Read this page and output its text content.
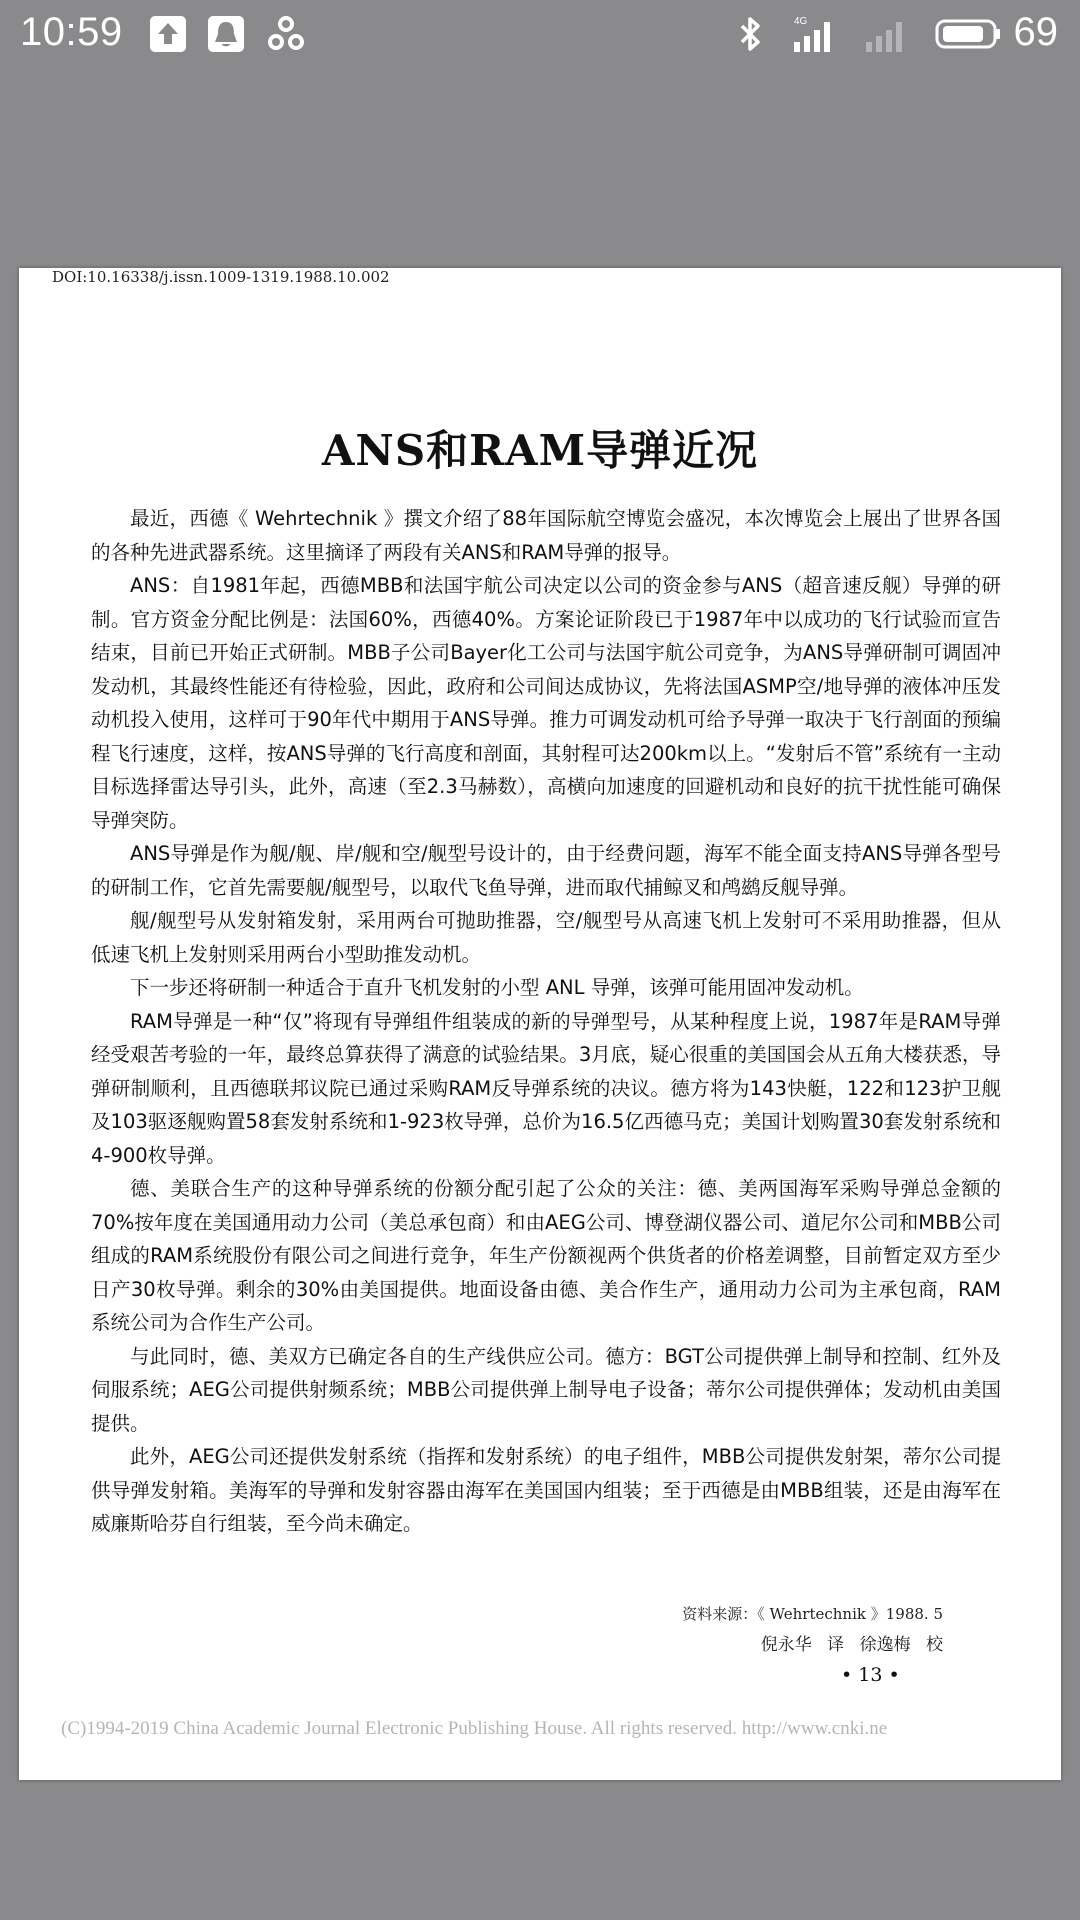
10:59	4G	69
DOI:10.16338/j.issn.1009-1319.1988.10.002
ANS和RAM导弹近况

最近，西德《 Wehrtechnik 》撰文介绍了88年国际航空博览会盛况，本次博览会上展出了世界各国的各种先进武器系统。这里摘译了两段有关ANS和RAM导弹的报导。

ANS：自1981年起，西德MBB和法国宇航公司决定以公司的资金参与ANS（超音速反舰）导弹的研制。官方资金分配比例是：法国60%，西德40%。方案论证阶段已于1987年中以成功的飞行试验而宣告结束，目前已开始正式研制。MBB子公司Bayer化工公司与法国宇航公司竞争，为ANS导弹研制可调固冲发动机，其最终性能还有待检验，因此，政府和公司间达成协议，先将法国ASMP空/地导弹的液体冲压发动机投入使用，这样可于90年代中期用于ANS导弹。推力可调发动机可给予导弹一取决于飞行剖面的预编程飞行速度，这样，按ANS导弹的飞行高度和剖面，其射程可达200km以上。“发射后不管”系统有一主动目标选择雷达导引头，此外，高速（至2.3马赫数），高横向加速度的回避机动和良好的抗干扰性能可确保导弹突防。

ANS导弹是作为舰/舰、岸/舰和空/舰型号设计的，由于经费问题，海军不能全面支持ANS导弹各型号的研制工作，它首先需要舰/舰型号，以取代飞鱼导弹，进而取代捕鲸叉和鸬鹚反舰导弹。

舰/舰型号从发射箱发射，采用两台可抛助推器，空/舰型号从高速飞机上发射可不采用助推器，但从低速飞机上发射则采用两台小型助推发动机。

下一步还将研制一种适合于直升飞机发射的小型 ANL 导弹，该弹可能用固冲发动机。

RAM导弹是一种“仅”将现有导弹组件组装成的新的导弹型号，从某种程度上说，1987年是RAM导弹经受艰苦考验的一年，最终总算获得了满意的试验结果。3月底，疑心很重的美国国会从五角大楼获悉，导弹研制顺利，且西德联邦议院已通过采购RAM反导弹系统的决议。德方将为143快艇，122和123护卫舰及103驱逐舰购置58套发射系统和1-923枚导弹，总价为16.5亿西德马克；美国计划购置30套发射系统和4-900枚导弹。

德、美联合生产的这种导弹系统的份额分配引起了公众的关注：德、美两国海军采购导弹总金额的70%按年度在美国通用动力公司（美总承包商）和由AEG公司、博登湖仪器公司、道尼尔公司和MBB公司组成的RAM系统股份有限公司之间进行竞争，年生产份额视两个供货者的价格差调整，目前暂定双方至少日产30枚导弹。剩余的30%由美国提供。地面设备由德、美合作生产，通用动力公司为主承包商，RAM系统公司为合作生产公司。

与此同时，德、美双方已确定各自的生产线供应公司。德方：BGT公司提供弹上制导和控制、红外及伺服系统；AEG公司提供射频系统；MBB公司提供弹上制导电子设备；蒂尔公司提供弹体；发动机由美国提供。

此外，AEG公司还提供发射系统（指挥和发射系统）的电子组件，MBB公司提供发射架，蒂尔公司提供导弹发射箱。美海军的导弹和发射容器由海军在美国国内组装；至于西德是由MBB组装，还是由海军在威廉斯哈芬自行组装，至今尚未确定。

资料来源：《 Wehrtechnik 》1988. 5
倪永华 译 徐逸梅 校
• 13 •
(C)1994-2019 China Academic Journal Electronic Publishing House. All rights reserved. http://www.cnki.ne
